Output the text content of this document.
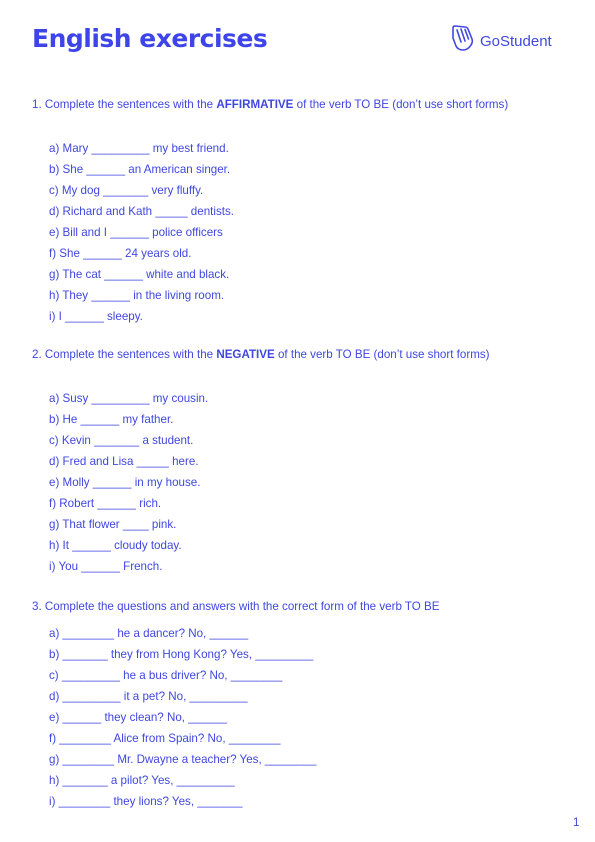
English exercises	GoStudent

1. Complete the sentences with the AFFIRMATIVE of the verb TO BE (don’t use short forms)

a) Mary _________ my best friend.
b) She ______ an American singer.
c) My dog _______ very fluffy.
d) Richard and Kath _____ dentists.
e) Bill and I ______ police officers
f) She ______ 24 years old.
g) The cat ______ white and black.
h) They ______ in the living room.
i) I ______ sleepy.

2. Complete the sentences with the NEGATIVE of the verb TO BE (don’t use short forms)

a) Susy _________ my cousin.
b) He ______ my father.
c) Kevin _______ a student.
d) Fred and Lisa _____ here.
e) Molly ______ in my house.
f) Robert ______ rich.
g) That flower ____ pink.
h) It ______ cloudy today.
i) You ______ French.

3. Complete the questions and answers with the correct form of the verb TO BE

a) ________ he a dancer? No, ______
b) _______ they from Hong Kong? Yes, _________
c) _________ he a bus driver? No, ________
d) _________ it a pet? No, _________
e) ______ they clean? No, ______
f) ________ Alice from Spain? No, ________
g) ________ Mr. Dwayne a teacher? Yes, ________
h) _______ a pilot? Yes, _________
i) ________ they lions? Yes, _______
1
